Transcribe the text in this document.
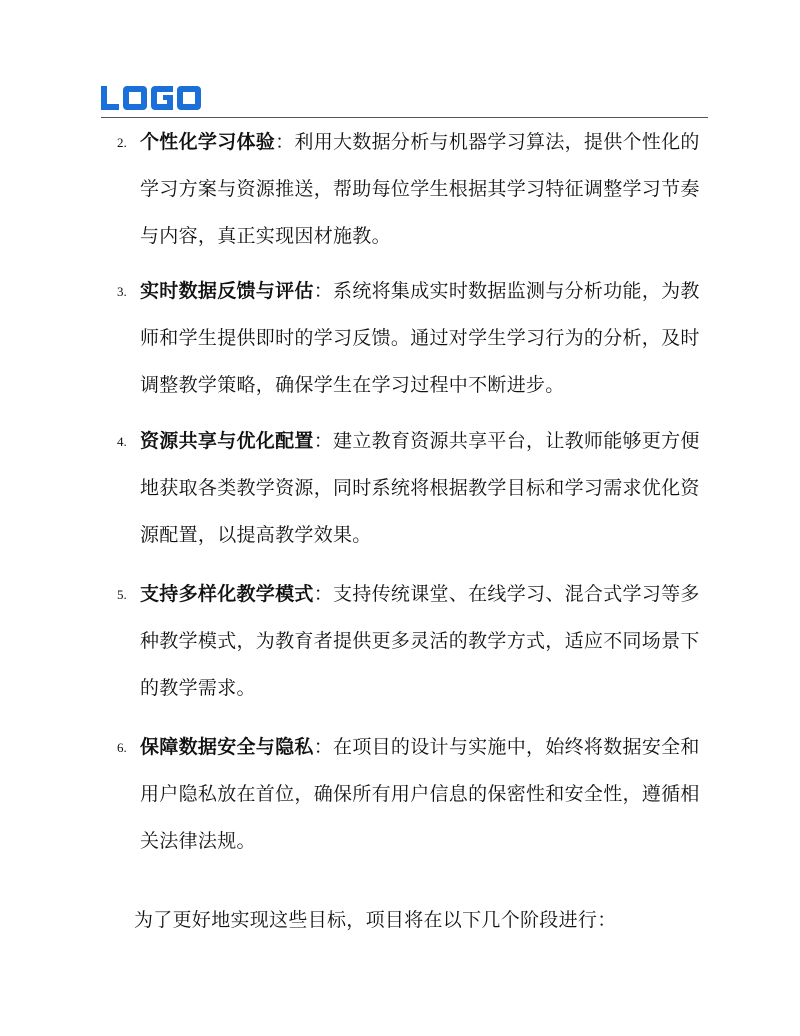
2. 个性化学习体验：利用大数据分析与机器学习算法，提供个性化的学习方案与资源推送，帮助每位学生根据其学习特征调整学习节奏与内容，真正实现因材施教。
3. 实时数据反馈与评估：系统将集成实时数据监测与分析功能，为教师和学生提供即时的学习反馈。通过对学生学习行为的分析，及时调整教学策略，确保学生在学习过程中不断进步。
4. 资源共享与优化配置：建立教育资源共享平台，让教师能够更方便地获取各类教学资源，同时系统将根据教学目标和学习需求优化资源配置，以提高教学效果。
5. 支持多样化教学模式：支持传统课堂、在线学习、混合式学习等多种教学模式，为教育者提供更多灵活的教学方式，适应不同场景下的教学需求。
6. 保障数据安全与隐私：在项目的设计与实施中，始终将数据安全和用户隐私放在首位，确保所有用户信息的保密性和安全性，遵循相关法律法规。

为了更好地实现这些目标，项目将在以下几个阶段进行：
